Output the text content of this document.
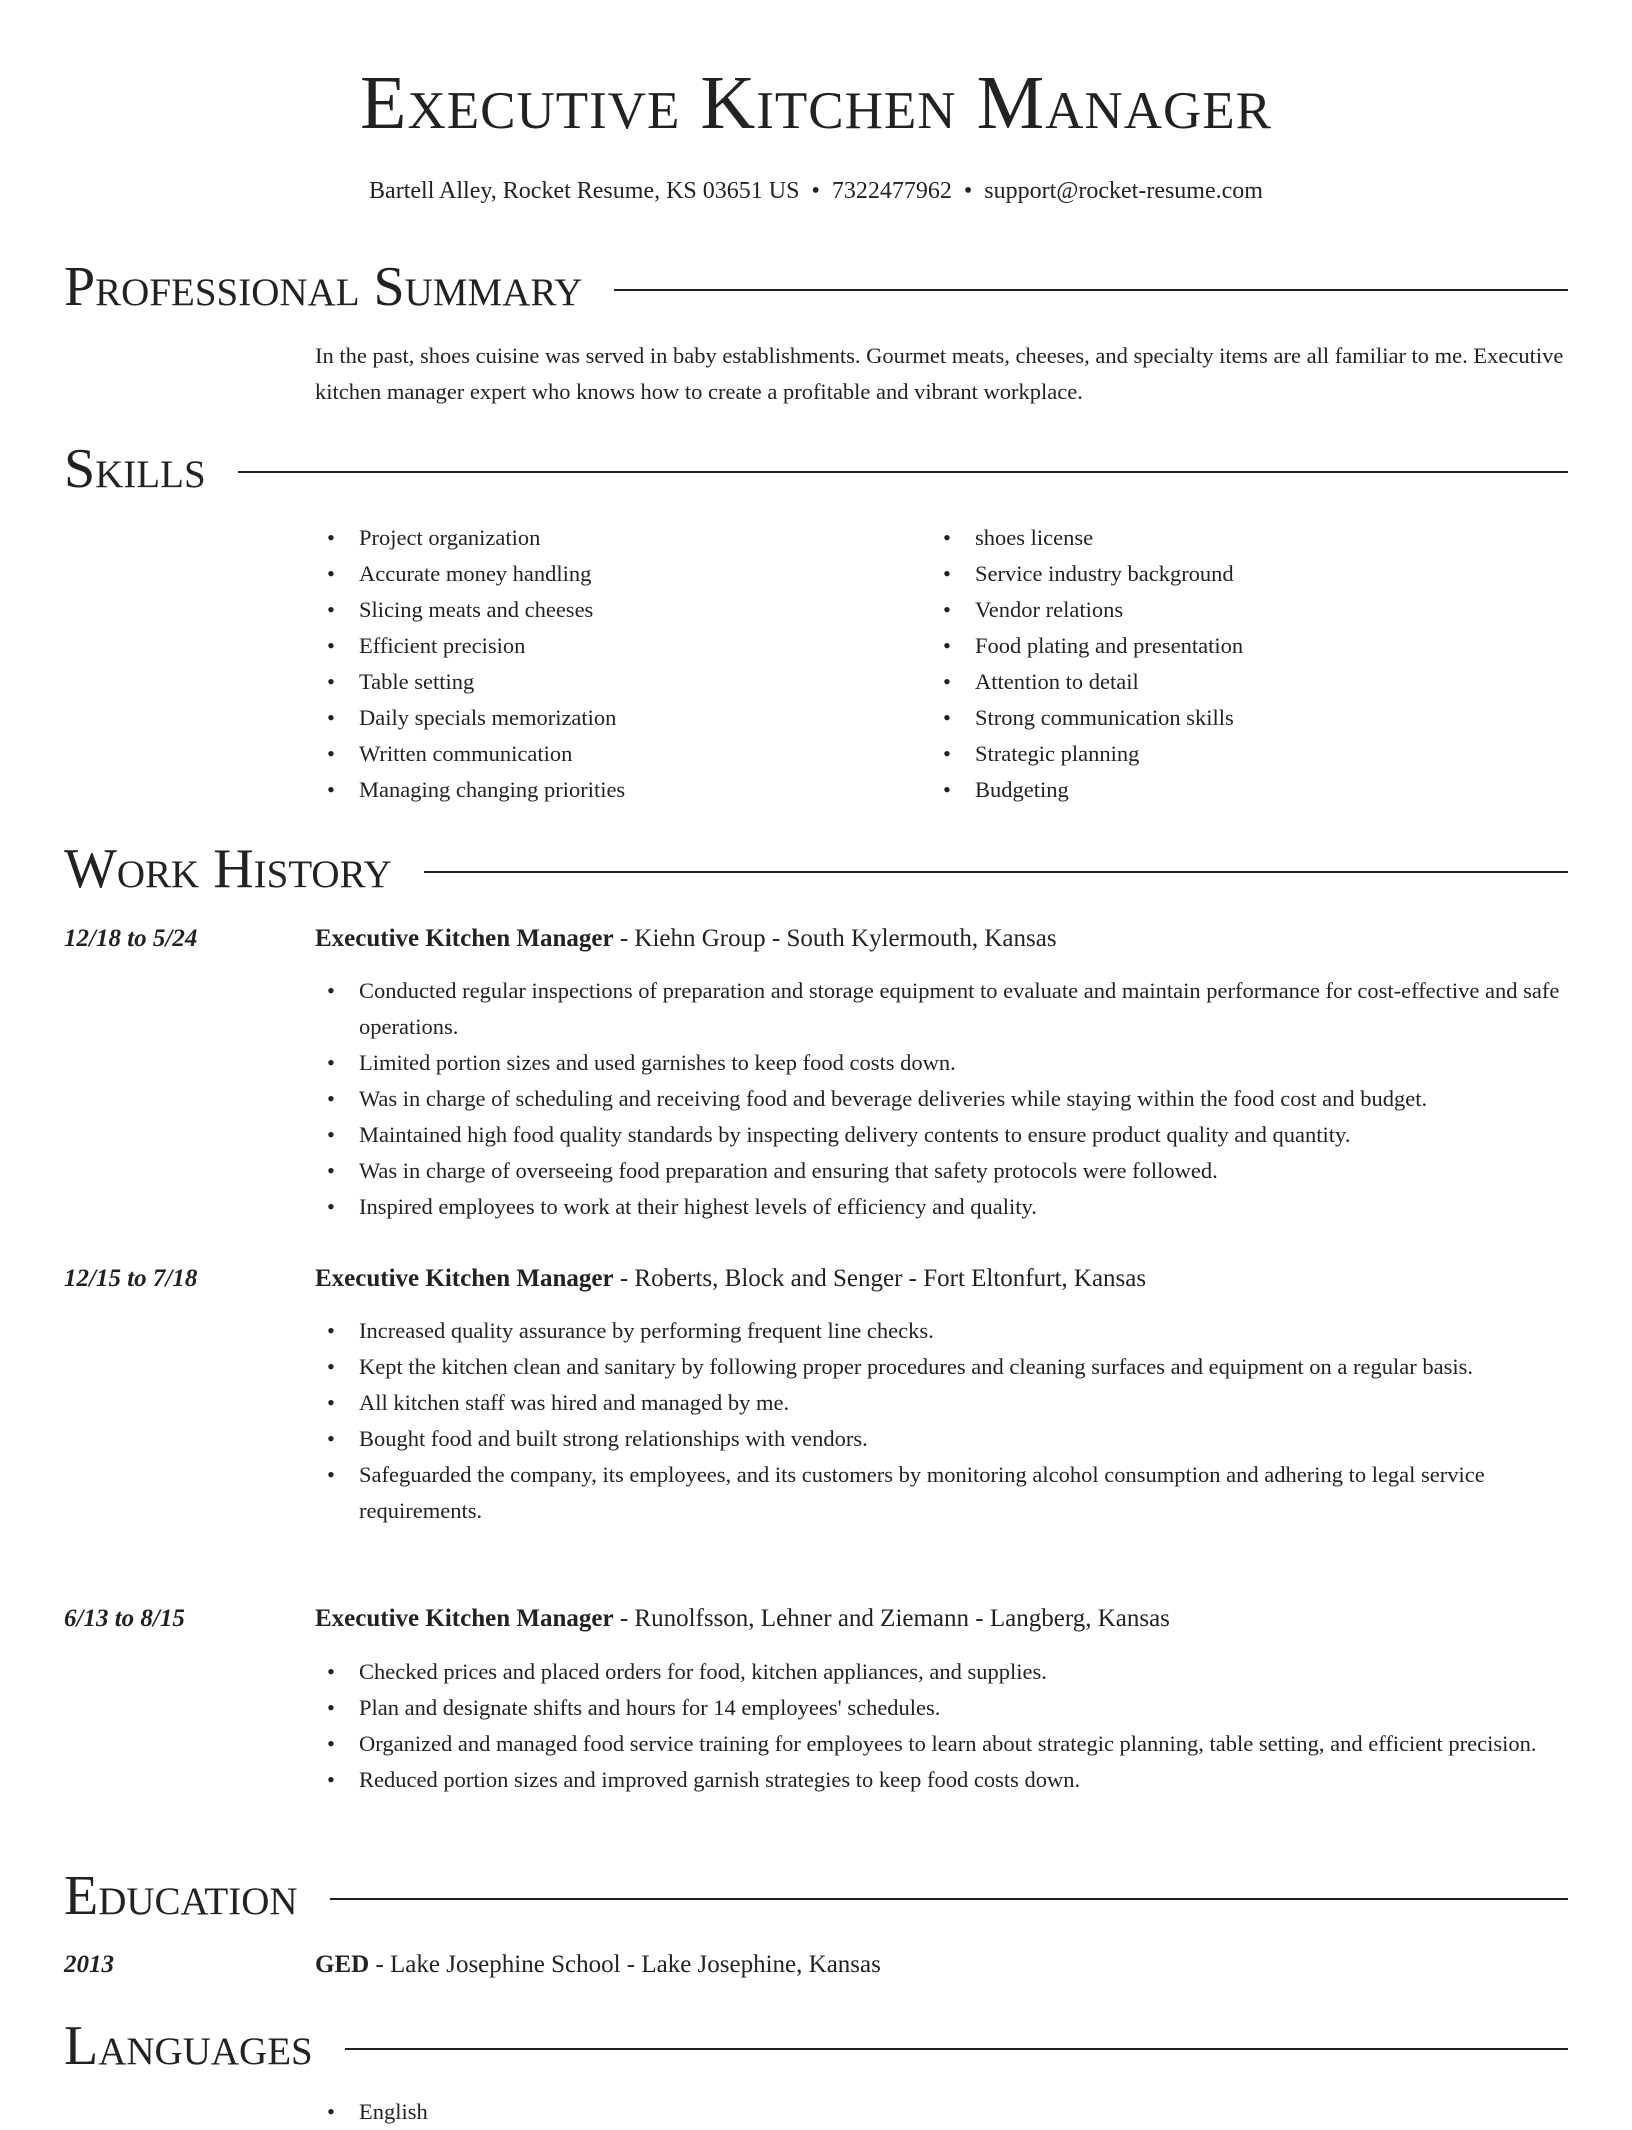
Executive Kitchen Manager
Bartell Alley, Rocket Resume, KS 03651 US • 7322477962 • support@rocket-resume.com
Professional Summary
In the past, shoes cuisine was served in baby establishments. Gourmet meats, cheeses, and specialty items are all familiar to me. Executive kitchen manager expert who knows how to create a profitable and vibrant workplace.
Skills
• Project organization
• Accurate money handling
• Slicing meats and cheeses
• Efficient precision
• Table setting
• Daily specials memorization
• Written communication
• Managing changing priorities
• shoes license
• Service industry background
• Vendor relations
• Food plating and presentation
• Attention to detail
• Strong communication skills
• Strategic planning
• Budgeting
Work History
12/18 to 5/24	Executive Kitchen Manager - Kiehn Group - South Kylermouth, Kansas
• Conducted regular inspections of preparation and storage equipment to evaluate and maintain performance for cost-effective and safe operations.
• Limited portion sizes and used garnishes to keep food costs down.
• Was in charge of scheduling and receiving food and beverage deliveries while staying within the food cost and budget.
• Maintained high food quality standards by inspecting delivery contents to ensure product quality and quantity.
• Was in charge of overseeing food preparation and ensuring that safety protocols were followed.
• Inspired employees to work at their highest levels of efficiency and quality.
12/15 to 7/18	Executive Kitchen Manager - Roberts, Block and Senger - Fort Eltonfurt, Kansas
• Increased quality assurance by performing frequent line checks.
• Kept the kitchen clean and sanitary by following proper procedures and cleaning surfaces and equipment on a regular basis.
• All kitchen staff was hired and managed by me.
• Bought food and built strong relationships with vendors.
• Safeguarded the company, its employees, and its customers by monitoring alcohol consumption and adhering to legal service requirements.
6/13 to 8/15	Executive Kitchen Manager - Runolfsson, Lehner and Ziemann - Langberg, Kansas
• Checked prices and placed orders for food, kitchen appliances, and supplies.
• Plan and designate shifts and hours for 14 employees' schedules.
• Organized and managed food service training for employees to learn about strategic planning, table setting, and efficient precision.
• Reduced portion sizes and improved garnish strategies to keep food costs down.
Education
2013	GED - Lake Josephine School - Lake Josephine, Kansas
Languages
• English
